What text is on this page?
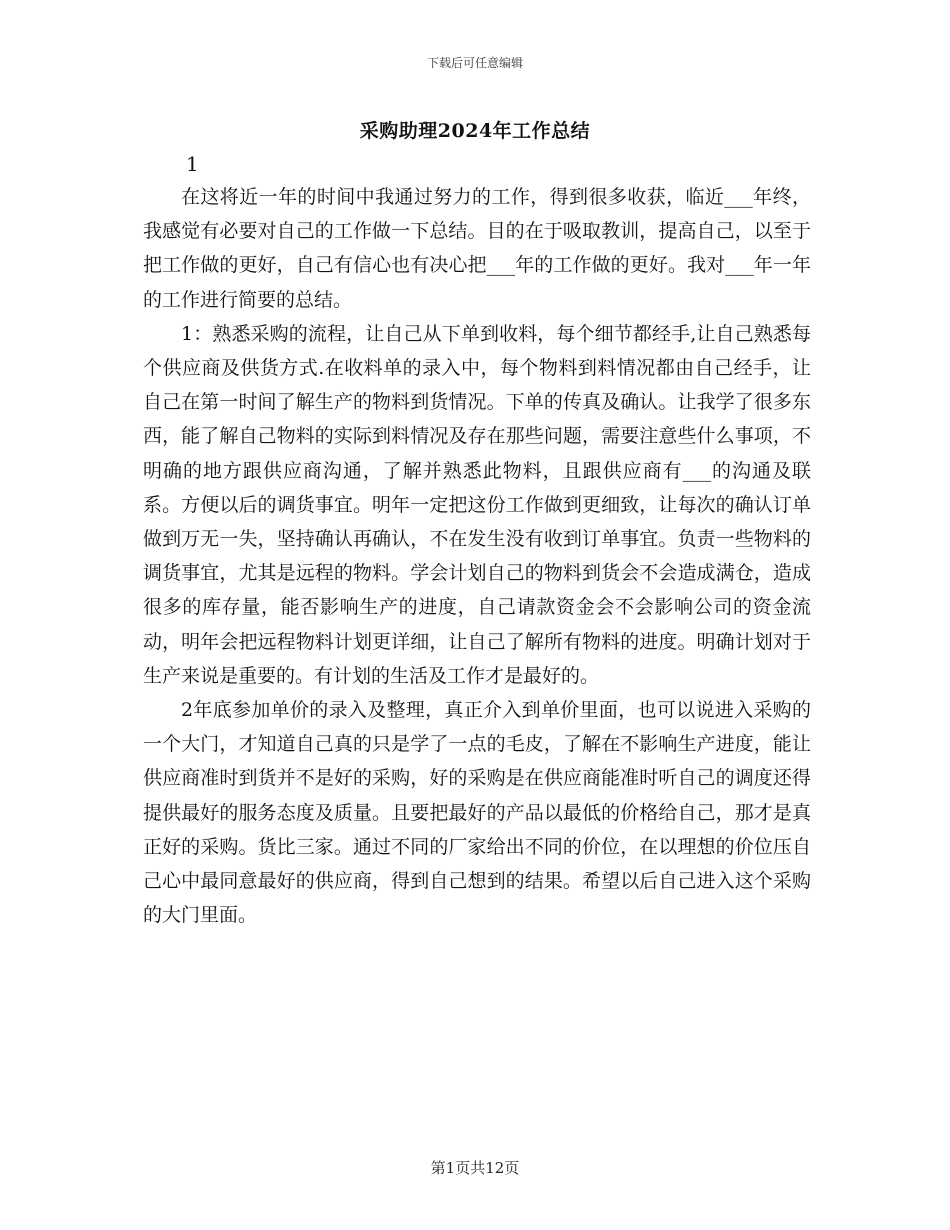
下载后可任意编辑
采购助理2024年工作总结
1

在这将近一年的时间中我通过努力的工作，得到很多收获，临近___年终，我感觉有必要对自己的工作做一下总结。目的在于吸取教训，提高自己，以至于把工作做的更好，自己有信心也有决心把___年的工作做的更好。我对___年一年的工作进行简要的总结。

1：熟悉采购的流程，让自己从下单到收料，每个细节都经手,让自己熟悉每个供应商及供货方式.在收料单的录入中，每个物料到料情况都由自己经手，让自己在第一时间了解生产的物料到货情况。下单的传真及确认。让我学了很多东西，能了解自己物料的实际到料情况及存在那些问题，需要注意些什么事项，不明确的地方跟供应商沟通，了解并熟悉此物料，且跟供应商有___的沟通及联系。方便以后的调货事宜。明年一定把这份工作做到更细致，让每次的确认订单做到万无一失，坚持确认再确认，不在发生没有收到订单事宜。负责一些物料的调货事宜，尤其是远程的物料。学会计划自己的物料到货会不会造成满仓，造成很多的库存量，能否影响生产的进度，自己请款资金会不会影响公司的资金流动，明年会把远程物料计划更详细，让自己了解所有物料的进度。明确计划对于生产来说是重要的。有计划的生活及工作才是最好的。

2年底参加单价的录入及整理，真正介入到单价里面，也可以说进入采购的一个大门，才知道自己真的只是学了一点的毛皮，了解在不影响生产进度，能让供应商准时到货并不是好的采购，好的采购是在供应商能准时听自己的调度还得提供最好的服务态度及质量。且要把最好的产品以最低的价格给自己，那才是真正好的采购。货比三家。通过不同的厂家给出不同的价位，在以理想的价位压自己心中最同意最好的供应商，得到自己想到的结果。希望以后自己进入这个采购的大门里面。

第1页共12页
